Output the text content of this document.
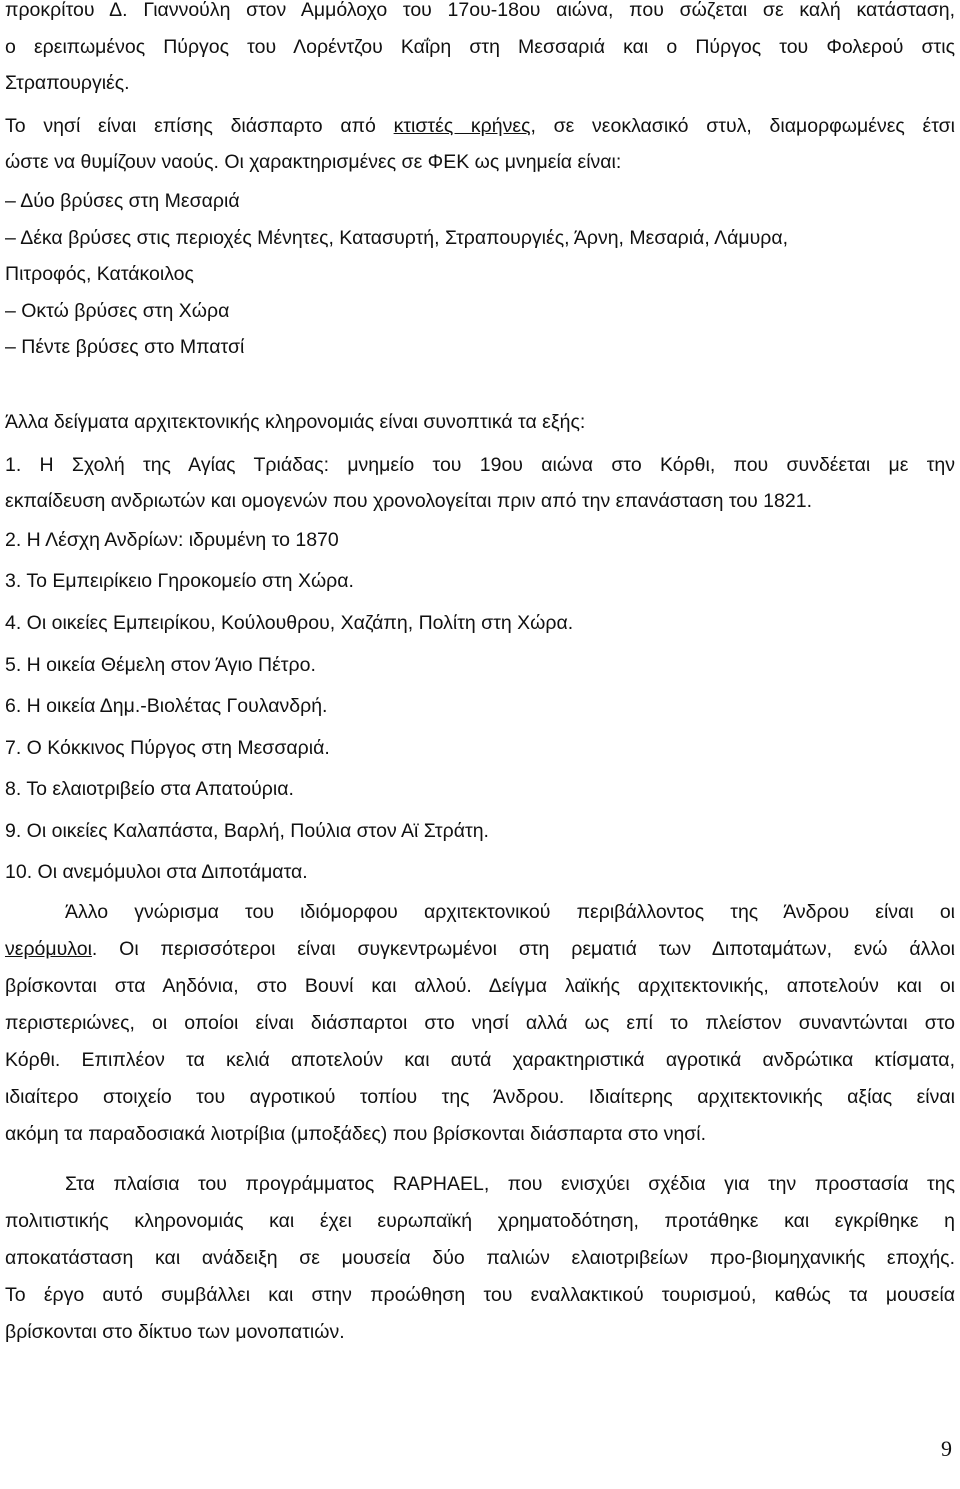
προκρίτου Δ. Γιαννούλη στον Αμμόλοχο του 17ου-18ου αιώνα, που σώζεται σε καλή κατάσταση,
ο ερειπωμένος Πύργος του Λορέντζου Καΐρη στη Μεσσαριά και ο Πύργος του Φολερού στις
Στραπουργιές.
Το νησί είναι επίσης διάσπαρτο από κτιστές κρήνες, σε νεοκλασικό στυλ, διαμορφωμένες έτσι
ώστε να θυμίζουν ναούς. Οι χαρακτηρισμένες σε ΦΕΚ ως μνημεία είναι:
‒ Δύο βρύσες στη Μεσαριά
‒ Δέκα βρύσες στις περιοχές Μένητες, Κατασυρτή, Στραπουργιές, Άρνη, Μεσαριά, Λάμυρα,
Πιτροφός, Κατάκοιλος
‒ Οκτώ βρύσες στη Χώρα
‒ Πέντε βρύσες στο Μπατσί
Άλλα δείγματα αρχιτεκτονικής κληρονομιάς είναι συνοπτικά τα εξής:
1. Η Σχολή της Αγίας Τριάδας: μνημείο του 19ου αιώνα στο Κόρθι, που συνδέεται με την
εκπαίδευση ανδριωτών και ομογενών που χρονολογείται πριν από την επανάσταση του 1821.
2. Η Λέσχη Ανδρίων: ιδρυμένη το 1870
3. Το Εμπειρίκειο Γηροκομείο στη Χώρα.
4. Οι οικείες Εμπειρίκου, Κούλουθρου, Χαζάπη, Πολίτη στη Χώρα.
5. Η οικεία Θέμελη στον Άγιο Πέτρο.
6. Η οικεία Δημ.-Βιολέτας Γουλανδρή.
7. Ο Κόκκινος Πύργος στη Μεσσαριά.
8. Το ελαιοτριβείο στα Απατούρια.
9. Οι οικείες Καλαπάστα, Βαρλή, Πούλια στον Αϊ Στράτη.
10. Οι ανεμόμυλοι στα Διποτάματα.
Άλλο γνώρισμα του ιδιόμορφου αρχιτεκτονικού περιβάλλοντος της Άνδρου είναι οι
νερόμυλοι. Οι περισσότεροι είναι συγκεντρωμένοι στη ρεματιά των Διποταμάτων, ενώ άλλοι
βρίσκονται στα Αηδόνια, στο Βουνί και αλλού. Δείγμα λαϊκής αρχιτεκτονικής, αποτελούν και οι
περιστεριώνες, οι οποίοι είναι διάσπαρτοι στο νησί αλλά ως επί το πλείστον συναντώνται στο
Κόρθι. Επιπλέον τα κελιά αποτελούν και αυτά χαρακτηριστικά αγροτικά ανδρώτικα κτίσματα,
ιδιαίτερο στοιχείο του αγροτικού τοπίου της Άνδρου. Ιδιαίτερης αρχιτεκτονικής αξίας είναι
ακόμη τα παραδοσιακά λιοτρίβια (μποξάδες) που βρίσκονται διάσπαρτα στο νησί.
Στα πλαίσια του προγράμματος RAPHAEL, που ενισχύει σχέδια για την προστασία της
πολιτιστικής κληρονομιάς και έχει ευρωπαϊκή χρηματοδότηση, προτάθηκε και εγκρίθηκε η
αποκατάσταση και ανάδειξη σε μουσεία δύο παλιών ελαιοτριβείων προ-βιομηχανικής εποχής.
Το έργο αυτό συμβάλλει και στην προώθηση του εναλλακτικού τουρισμού, καθώς τα μουσεία
βρίσκονται στο δίκτυο των μονοπατιών.
9
